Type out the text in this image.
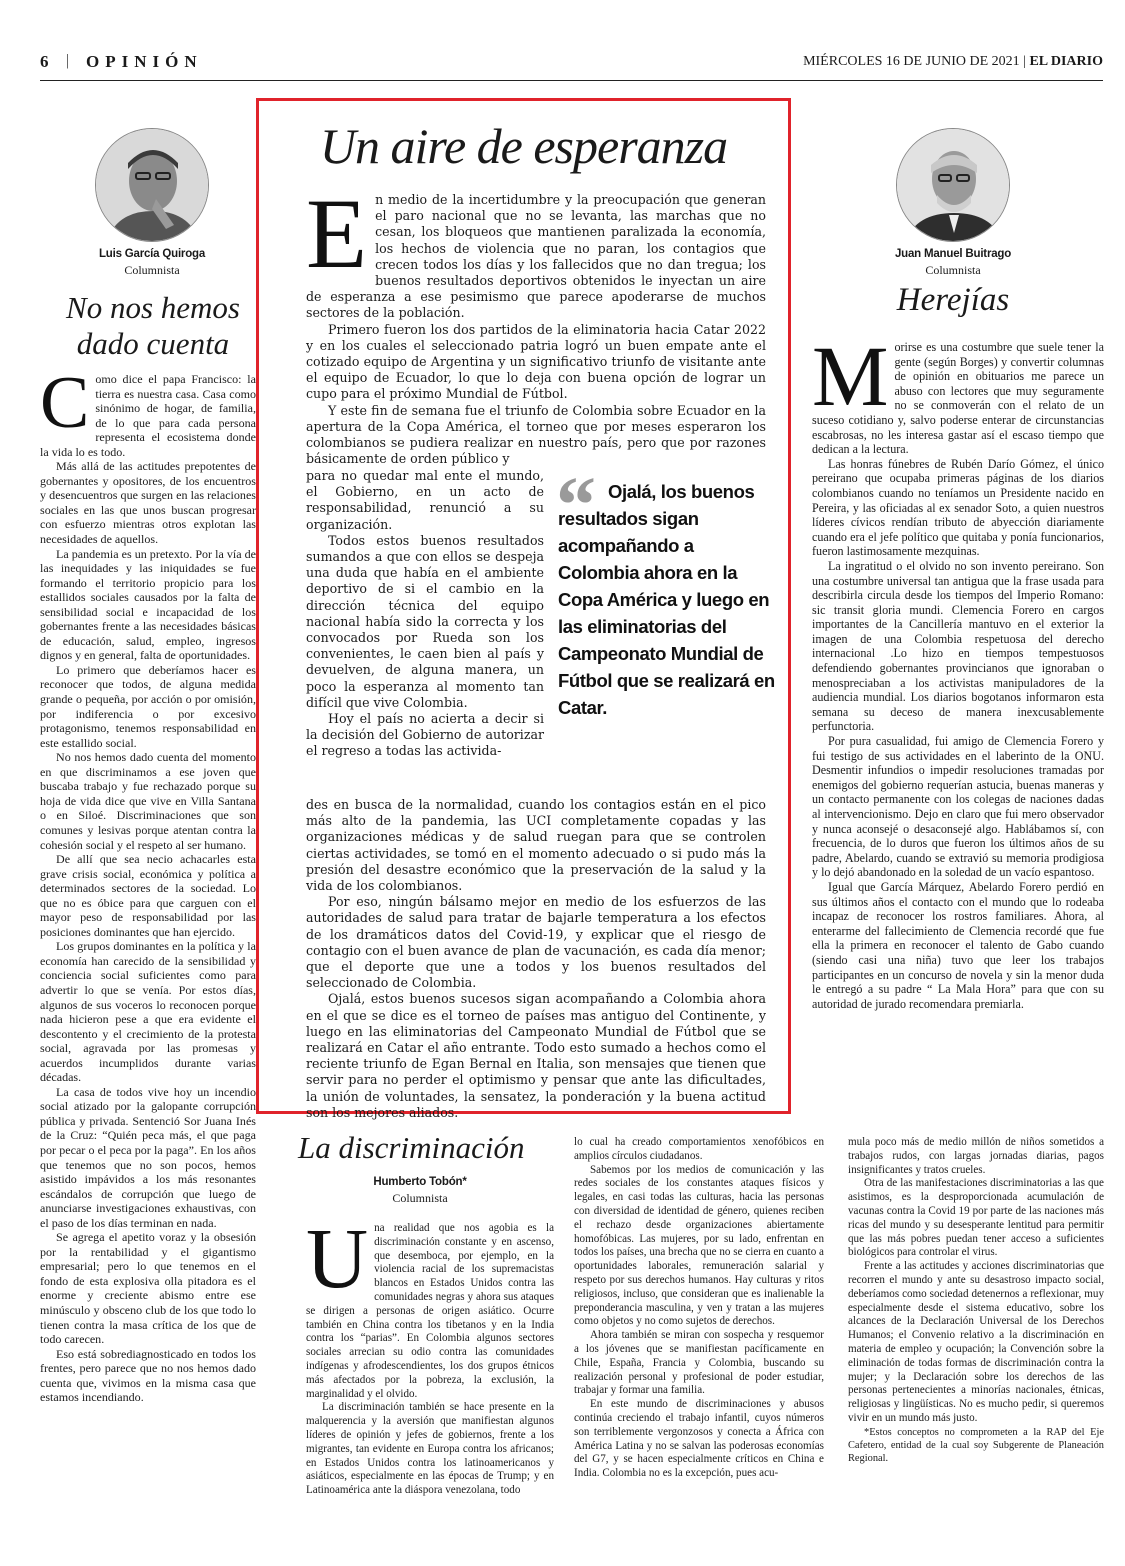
6 | OPINIÓN	MIÉRCOLES 16 DE JUNIO DE 2021 | EL DIARIO
Luis García Quiroga
Columnista
No nos hemos
dado cuenta
C omo dice el papa Francisco: la tierra es nuestra casa. Casa como sinónimo de hogar, de familia, de lo que para cada persona representa el ecosistema donde la vida lo es todo.

Más allá de las actitudes prepotentes de gobernantes y opositores, de los encuentros y desencuentros que surgen en las relaciones sociales en las que unos buscan progresar con esfuerzo mientras otros explotan las necesidades de aquellos.

La pandemia es un pretexto. Por la vía de las inequidades y las iniquidades se fue formando el territorio propicio para los estallidos sociales causados por la falta de sensibilidad social e incapacidad de los gobernantes frente a las necesidades básicas de educación, salud, empleo, ingresos dignos y en general, falta de oportunidades.

Lo primero que deberíamos hacer es reconocer que todos, de alguna medida grande o pequeña, por acción o por omisión, por indiferencia o por excesivo protagonismo, tenemos responsabilidad en este estallido social.

No nos hemos dado cuenta del momento en que discriminamos a ese joven que buscaba trabajo y fue rechazado porque su hoja de vida dice que vive en Villa Santana o en Siloé. Discriminaciones que son comunes y lesivas porque atentan contra la cohesión social y el respeto al ser humano.

De allí que sea necio achacarles esta grave crisis social, económica y política a determinados sectores de la sociedad. Lo que no es óbice para que carguen con el mayor peso de responsabilidad por las posiciones dominantes que han ejercido.

Los grupos dominantes en la política y la economía han carecido de la sensibilidad y conciencia social suficientes como para advertir lo que se venía. Por estos días, algunos de sus voceros lo reconocen porque nada hicieron pese a que era evidente el descontento y el crecimiento de la protesta social, agravada por las promesas y acuerdos incumplidos durante varias décadas.

La casa de todos vive hoy un incendio social atizado por la galopante corrupción pública y privada. Sentenció Sor Juana Inés de la Cruz: “Quién peca más, el que paga por pecar o el peca por la paga”. En los años que tenemos que no son pocos, hemos asistido impávidos a los más resonantes escándalos de corrupción que luego de anunciarse investigaciones exhaustivas, con el paso de los días terminan en nada.

Se agrega el apetito voraz y la obsesión por la rentabilidad y el gigantismo empresarial; pero lo que tenemos en el fondo de esta explosiva olla pitadora es el enorme y creciente abismo entre ese minúsculo y obsceno club de los que todo lo tienen contra la masa crítica de los que de todo carecen.

Eso está sobrediagnosticado en todos los frentes, pero parece que no nos hemos dado cuenta que, vivimos en la misma casa que estamos incendiando.

Un aire de esperanza
E n medio de la incertidumbre y la preocupación que generan el paro nacional que no se levanta, las marchas que no cesan, los bloqueos que mantienen paralizada la economía, los hechos de violencia que no paran, los contagios que crecen todos los días y los fallecidos que no dan tregua; los buenos resultados deportivos obtenidos le inyectan un aire de esperanza a ese pesimismo que parece apoderarse de muchos sectores de la población.

Primero fueron los dos partidos de la eliminatoria hacia Catar 2022 y en los cuales el seleccionado patria logró un buen empate ante el cotizado equipo de Argentina y un significativo triunfo de visitante ante el equipo de Ecuador, lo que lo deja con buena opción de lograr un cupo para el próximo Mundial de Fútbol.

Y este fin de semana fue el triunfo de Colombia sobre Ecuador en la apertura de la Copa América, el torneo que por meses esperaron los colombianos se pudiera realizar en nuestro país, pero que por razones básicamente de orden público y

para no quedar mal ente el mundo, el Gobierno, en un acto de responsabilidad, renunció a su organización.

Todos estos buenos resultados sumandos a que con ellos se despeja una duda que había en el ambiente deportivo de si el cambio en la dirección técnica del equipo nacional había sido la correcta y los convocados por Rueda son los convenientes, le caen bien al país y devuelven, de alguna manera, un poco la esperanza al momento tan difícil que vive Colombia.

Hoy el país no acierta a decir si la decisión del Gobierno de autorizar el regreso a todas las activida-

“ Ojalá, los buenos resultados sigan acompañando a Colombia ahora en la Copa América y luego en las eliminatorias del Campeonato Mundial de Fútbol que se realizará en Catar.

des en busca de la normalidad, cuando los contagios están en el pico más alto de la pandemia, las UCI completamente copadas y las organizaciones médicas y de salud ruegan para que se controlen ciertas actividades, se tomó en el momento adecuado o si pudo más la presión del desastre económico que la preservación de la salud y la vida de los colombianos.

Por eso, ningún bálsamo mejor en medio de los esfuerzos de las autoridades de salud para tratar de bajarle temperatura a los efectos de los dramáticos datos del Covid-19, y explicar que el riesgo de contagio con el buen avance de plan de vacunación, es cada día menor; que el deporte que une a todos y los buenos resultados del seleccionado de Colombia.

Ojalá, estos buenos sucesos sigan acompañando a Colombia ahora en el que se dice es el torneo de países mas antiguo del Continente, y luego en las eliminatorias del Campeonato Mundial de Fútbol que se realizará en Catar el año entrante. Todo esto sumado a hechos como el reciente triunfo de Egan Bernal en Italia, son mensajes que tienen que servir para no perder el optimismo y pensar que ante las dificultades, la unión de voluntades, la sensatez, la ponderación y la buena actitud son los mejores aliados.

Juan Manuel Buitrago
Columnista
Herejías
M orirse es una costumbre que suele tener la gente (según Borges) y convertir columnas de opinión en obituarios me parece un abuso con lectores que muy seguramente no se conmoverán con el relato de un suceso cotidiano y, salvo poderse enterar de circunstancias escabrosas, no les interesa gastar así el escaso tiempo que dedican a la lectura.

Las honras fúnebres de Rubén Darío Gómez, el único pereirano que ocupaba primeras páginas de los diarios colombianos cuando no teníamos un Presidente nacido en Pereira, y las oficiadas al ex senador Soto, a quien nuestros líderes cívicos rendían tributo de abyección diariamente cuando era el jefe político que quitaba y ponía funcionarios, fueron lastimosamente mezquinas.

La ingratitud o el olvido no son invento pereirano. Son una costumbre universal tan antigua que la frase usada para describirla circula desde los tiempos del Imperio Romano: sic transit gloria mundi. Clemencia Forero en cargos importantes de la Cancillería mantuvo en el exterior la imagen de una Colombia respetuosa del derecho internacional .Lo hizo en tiempos tempestuosos defendiendo gobernantes provincianos que ignoraban o menospreciaban a los activistas manipuladores de la audiencia mundial. Los diarios bogotanos informaron esta semana su deceso de manera inexcusablemente perfunctoria.

Por pura casualidad, fui amigo de Clemencia Forero y fui testigo de sus actividades en el laberinto de la ONU. Desmentir infundios o impedir resoluciones tramadas por enemigos del gobierno requerían astucia, buenas maneras y un contacto permanente con los colegas de naciones dadas al intervencionismo. Dejo en claro que fui mero observador y nunca aconsejé o desaconsejé algo. Hablábamos sí, con frecuencia, de lo duros que fueron los últimos años de su padre, Abelardo, cuando se extravió su memoria prodigiosa y lo dejó abandonado en la soledad de un vacío espantoso.

Igual que García Márquez, Abelardo Forero perdió en sus últimos años el contacto con el mundo que lo rodeaba incapaz de reconocer los rostros familiares. Ahora, al enterarme del fallecimiento de Clemencia recordé que fue ella la primera en reconocer el talento de Gabo cuando (siendo casi una niña) tuvo que leer los trabajos participantes en un concurso de novela y sin la menor duda le entregó a su padre “ La Mala Hora” para que con su autoridad de jurado recomendara premiarla.

La discriminación
Humberto Tobón*
Columnista
U na realidad que nos agobia es la discriminación constante y en ascenso, que desemboca, por ejemplo, en la violencia racial de los supremacistas blancos en Estados Unidos contra las comunidades negras y ahora sus ataques se dirigen a personas de origen asiático. Ocurre también en China contra los tibetanos y en la India contra los “parias”. En Colombia algunos sectores sociales arrecian su odio contra las comunidades indígenas y afrodescendientes, los dos grupos étnicos más afectados por la pobreza, la exclusión, la marginalidad y el olvido.

La discriminación también se hace presente en la malquerencia y la aversión que manifiestan algunos líderes de opinión y jefes de gobiernos, frente a los migrantes, tan evidente en Europa contra los africanos; en Estados Unidos contra los latinoamericanos y asiáticos, especialmente en las épocas de Trump; y en Latinoamérica ante la diáspora venezolana, todo

lo cual ha creado comportamientos xenofóbicos en amplios círculos ciudadanos.

Sabemos por los medios de comunicación y las redes sociales de los constantes ataques físicos y legales, en casi todas las culturas, hacia las personas con diversidad de identidad de género, quienes reciben el rechazo desde organizaciones abiertamente homofóbicas. Las mujeres, por su lado, enfrentan en todos los países, una brecha que no se cierra en cuanto a oportunidades laborales, remuneración salarial y respeto por sus derechos humanos. Hay culturas y ritos religiosos, incluso, que consideran que es inalienable la preponderancia masculina, y ven y tratan a las mujeres como objetos y no como sujetos de derechos.

Ahora también se miran con sospecha y resquemor a los jóvenes que se manifiestan pacíficamente en Chile, España, Francia y Colombia, buscando su realización personal y profesional de poder estudiar, trabajar y formar una familia.

En este mundo de discriminaciones y abusos continúa creciendo el trabajo infantil, cuyos números son terriblemente vergonzosos y conecta a África con América Latina y no se salvan las poderosas economías del G7, y se hacen especialmente críticos en China e India. Colombia no es la excepción, pues acu-

mula poco más de medio millón de niños sometidos a trabajos rudos, con largas jornadas diarias, pagos insignificantes y tratos crueles.

Otra de las manifestaciones discriminatorias a las que asistimos, es la desproporcionada acumulación de vacunas contra la Covid 19 por parte de las naciones más ricas del mundo y su desesperante lentitud para permitir que las más pobres puedan tener acceso a suficientes biológicos para controlar el virus.

Frente a las actitudes y acciones discriminatorias que recorren el mundo y ante su desastroso impacto social, deberíamos como sociedad detenernos a reflexionar, muy especialmente desde el sistema educativo, sobre los alcances de la Declaración Universal de los Derechos Humanos; el Convenio relativo a la discriminación en materia de empleo y ocupación; la Convención sobre la eliminación de todas formas de discriminación contra la mujer; y la Declaración sobre los derechos de las personas pertenecientes a minorías nacionales, étnicas, religiosas y lingüísticas. No es mucho pedir, si queremos vivir en un mundo más justo.

*Estos conceptos no comprometen a la RAP del Eje Cafetero, entidad de la cual soy Subgerente de Planeación Regional.
